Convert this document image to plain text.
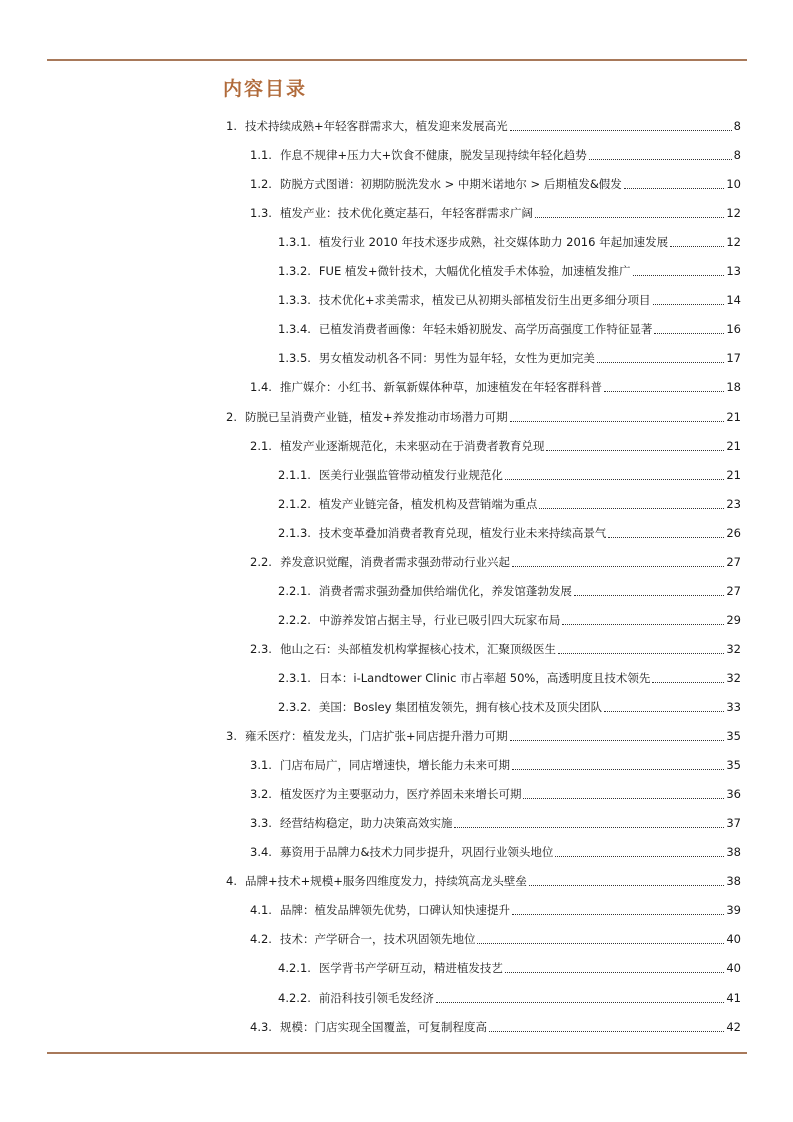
内容目录
1. 技术持续成熟+年轻客群需求大，植发迎来发展高光	8
1.1. 作息不规律+压力大+饮食不健康，脱发呈现持续年轻化趋势	8
1.2. 防脱方式图谱：初期防脱洗发水 > 中期米诺地尔 > 后期植发&假发	10
1.3. 植发产业：技术优化奠定基石，年轻客群需求广阔	12
1.3.1. 植发行业 2010 年技术逐步成熟，社交媒体助力 2016 年起加速发展	12
1.3.2. FUE 植发+微针技术，大幅优化植发手术体验，加速植发推广	13
1.3.3. 技术优化+求美需求，植发已从初期头部植发衍生出更多细分项目	14
1.3.4. 已植发消费者画像：年轻未婚初脱发、高学历高强度工作特征显著	16
1.3.5. 男女植发动机各不同：男性为显年轻，女性为更加完美	17
1.4. 推广媒介：小红书、新氧新媒体种草，加速植发在年轻客群科普	18
2. 防脱已呈消费产业链，植发+养发推动市场潜力可期	21
2.1. 植发产业逐渐规范化，未来驱动在于消费者教育兑现	21
2.1.1. 医美行业强监管带动植发行业规范化	21
2.1.2. 植发产业链完备，植发机构及营销端为重点	23
2.1.3. 技术变革叠加消费者教育兑现，植发行业未来持续高景气	26
2.2. 养发意识觉醒，消费者需求强劲带动行业兴起	27
2.2.1. 消费者需求强劲叠加供给端优化，养发馆蓬勃发展	27
2.2.2. 中游养发馆占据主导，行业已吸引四大玩家布局	29
2.3. 他山之石：头部植发机构掌握核心技术，汇聚顶级医生	32
2.3.1. 日本：i-Landtower Clinic 市占率超 50%，高透明度且技术领先	32
2.3.2. 美国：Bosley 集团植发领先，拥有核心技术及顶尖团队	33
3. 雍禾医疗：植发龙头，门店扩张+同店提升潜力可期	35
3.1. 门店布局广，同店增速快，增长能力未来可期	35
3.2. 植发医疗为主要驱动力，医疗养固未来增长可期	36
3.3. 经营结构稳定，助力决策高效实施	37
3.4. 募资用于品牌力&技术力同步提升，巩固行业领头地位	38
4. 品牌+技术+规模+服务四维度发力，持续筑高龙头壁垒	38
4.1. 品牌：植发品牌领先优势，口碑认知快速提升	39
4.2. 技术：产学研合一，技术巩固领先地位	40
4.2.1. 医学背书产学研互动，精进植发技艺	40
4.2.2. 前沿科技引领毛发经济	41
4.3. 规模：门店实现全国覆盖，可复制程度高	42
